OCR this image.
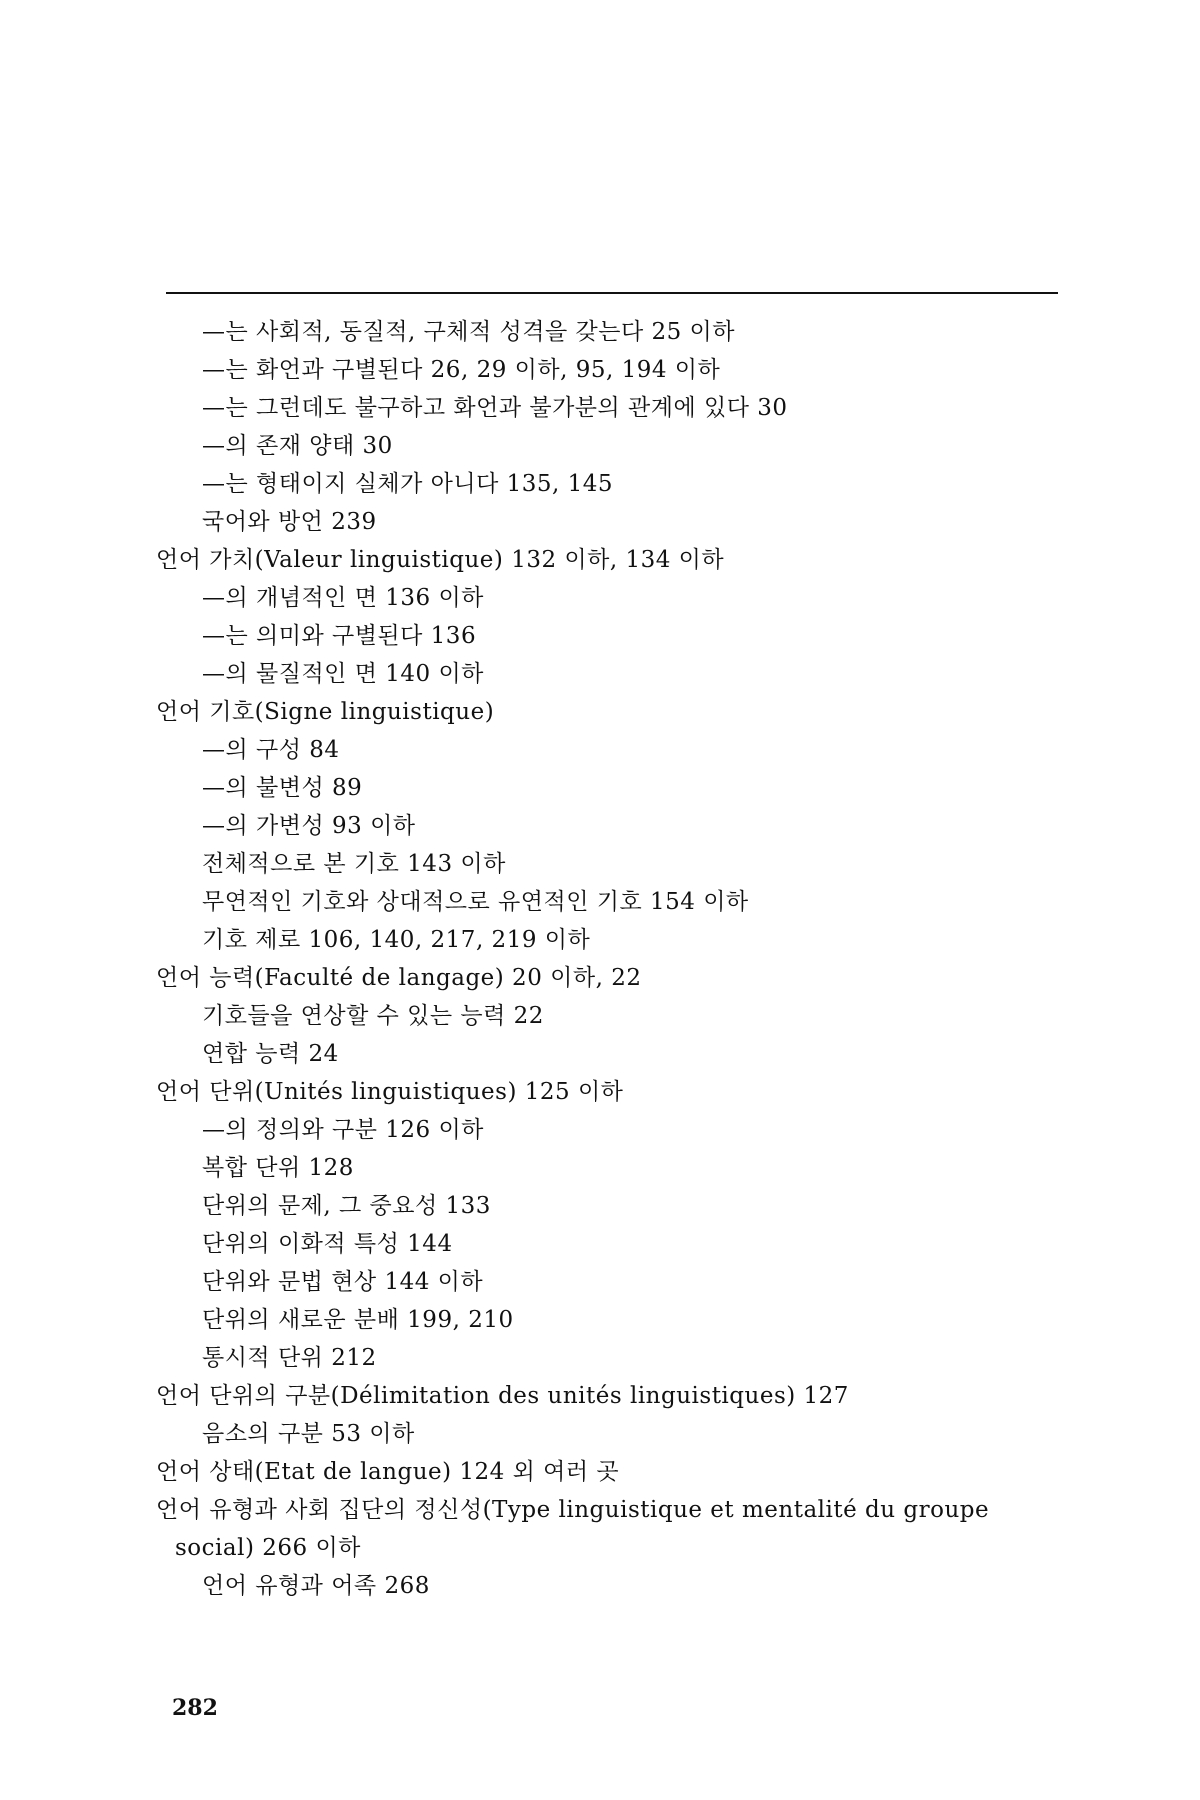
—는 사회적, 동질적, 구체적 성격을 갖는다 25 이하
—는 화언과 구별된다 26, 29 이하, 95, 194 이하
—는 그런데도 불구하고 화언과 불가분의 관계에 있다 30
—의 존재 양태 30
—는 형태이지 실체가 아니다 135, 145
국어와 방언 239
언어 가치(Valeur linguistique) 132 이하, 134 이하
—의 개념적인 면 136 이하
—는 의미와 구별된다 136
—의 물질적인 면 140 이하
언어 기호(Signe linguistique)
—의 구성 84
—의 불변성 89
—의 가변성 93 이하
전체적으로 본 기호 143 이하
무연적인 기호와 상대적으로 유연적인 기호 154 이하
기호 제로 106, 140, 217, 219 이하
언어 능력(Faculté de langage) 20 이하, 22
기호들을 연상할 수 있는 능력 22
연합 능력 24
언어 단위(Unités linguistiques) 125 이하
—의 정의와 구분 126 이하
복합 단위 128
단위의 문제, 그 중요성 133
단위의 이화적 특성 144
단위와 문법 현상 144 이하
단위의 새로운 분배 199, 210
통시적 단위 212
언어 단위의 구분(Délimitation des unités linguistiques) 127
음소의 구분 53 이하
언어 상태(Etat de langue) 124 외 여러 곳
언어 유형과 사회 집단의 정신성(Type linguistique et mentalité du groupe
social) 266 이하
언어 유형과 어족 268
282
